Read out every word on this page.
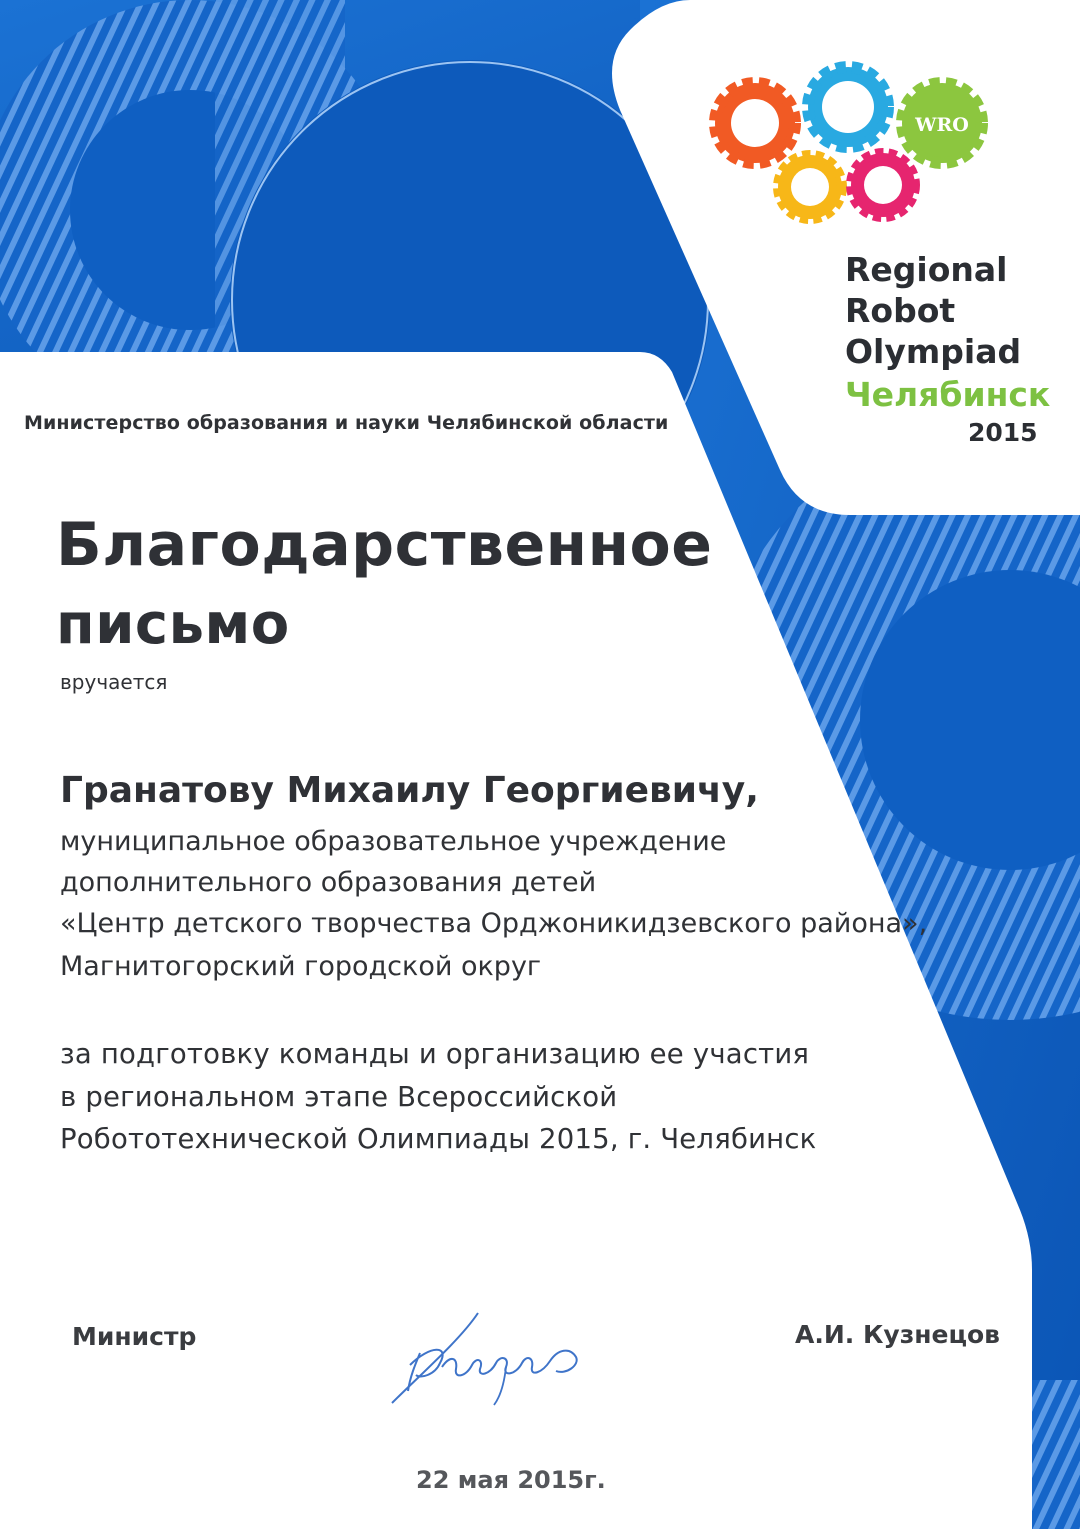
WRO
Regional
Robot
Olympiad
Челябинск
2015
Министерство образования и науки Челябинской области
Благодарственное
письмо
вручается
Гранатову Михаилу Георгиевичу,
муниципальное образовательное учреждение
дополнительного образования детей
«Центр детского творчества Орджоникидзевского района»,
Магнитогорский городской округ
за подготовку команды и организацию ее участия
в региональном этапе Всероссийской
Робототехнической Олимпиады 2015, г. Челябинск
Министр	А.И. Кузнецов
22 мая 2015г.
